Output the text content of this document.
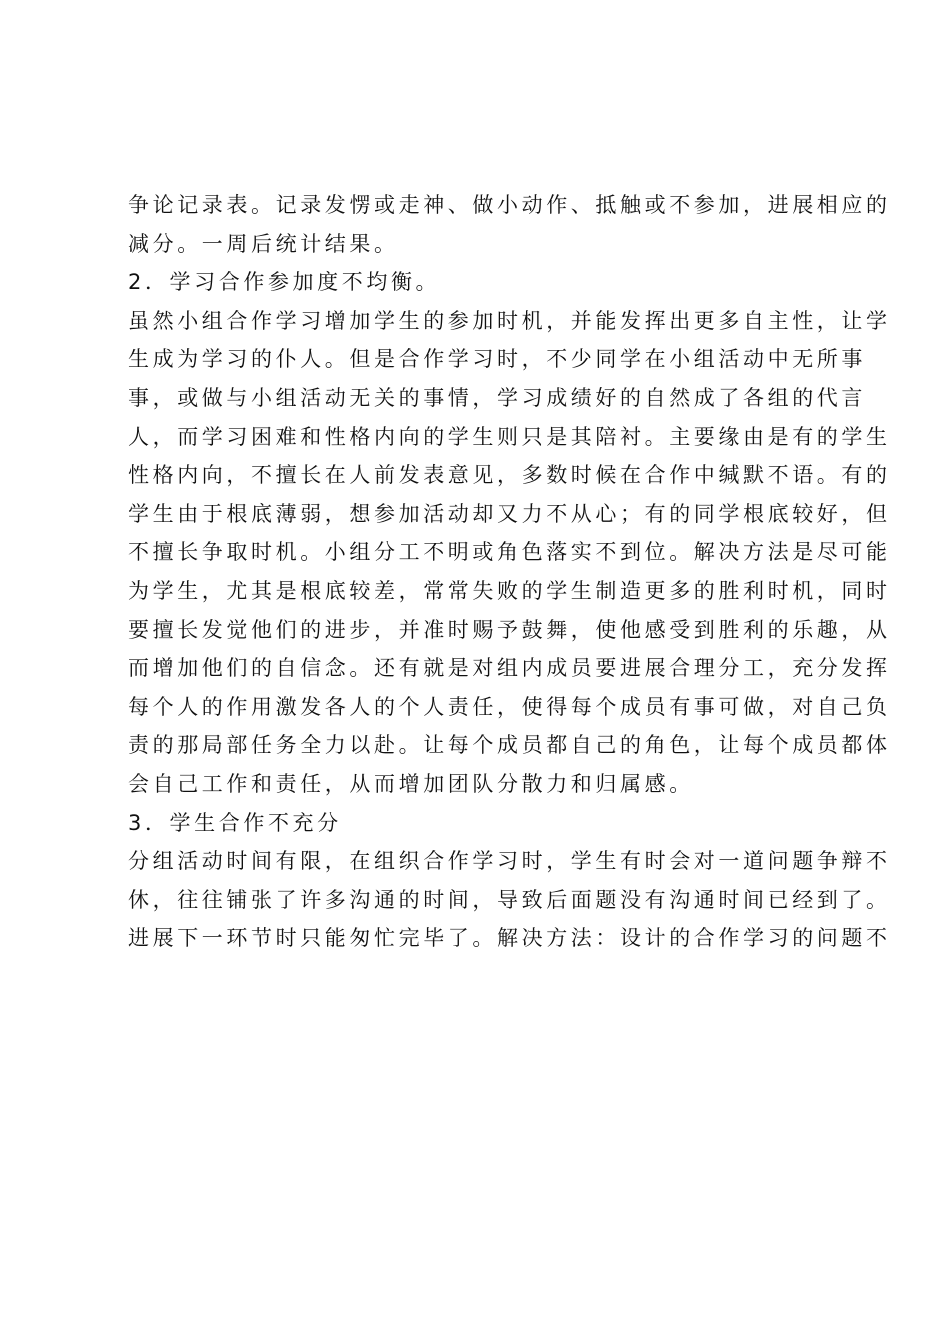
争论记录表。记录发愣或走神、做小动作、抵触或不参加，进展相应的
减分。一周后统计结果。
2．学习合作参加度不均衡。
虽然小组合作学习增加学生的参加时机，并能发挥出更多自主性，让学
生成为学习的仆人。但是合作学习时，不少同学在小组活动中无所事
事，或做与小组活动无关的事情，学习成绩好的自然成了各组的代言
人，而学习困难和性格内向的学生则只是其陪衬。主要缘由是有的学生
性格内向，不擅长在人前发表意见，多数时候在合作中缄默不语。有的
学生由于根底薄弱，想参加活动却又力不从心；有的同学根底较好，但
不擅长争取时机。小组分工不明或角色落实不到位。解决方法是尽可能
为学生，尤其是根底较差，常常失败的学生制造更多的胜利时机，同时
要擅长发觉他们的进步，并准时赐予鼓舞，使他感受到胜利的乐趣，从
而增加他们的自信念。还有就是对组内成员要进展合理分工，充分发挥
每个人的作用激发各人的个人责任，使得每个成员有事可做，对自己负
责的那局部任务全力以赴。让每个成员都自己的角色，让每个成员都体
会自己工作和责任，从而增加团队分散力和归属感。
3．学生合作不充分
分组活动时间有限，在组织合作学习时，学生有时会对一道问题争辩不
休，往往铺张了许多沟通的时间，导致后面题没有沟通时间已经到了。
进展下一环节时只能匆忙完毕了。解决方法：设计的合作学习的问题不
